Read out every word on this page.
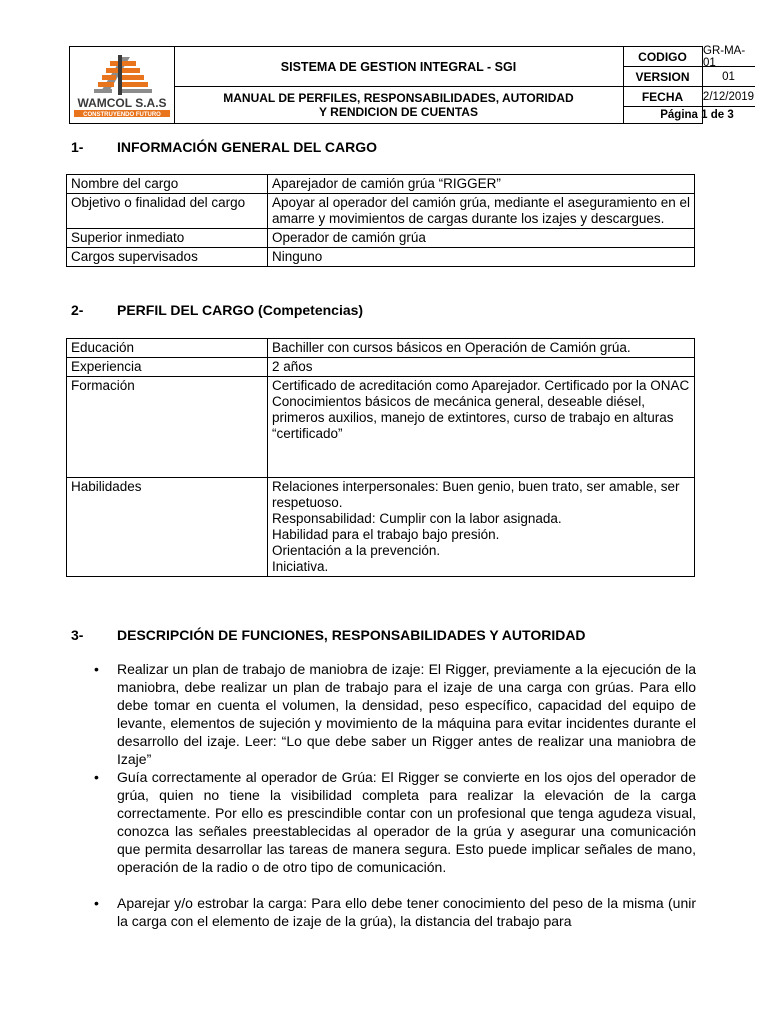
WAMCOL S.A.S
CONSTRUYENDO FUTURO
SISTEMA DE GESTION INTEGRAL - SGI
MANUAL DE PERFILES, RESPONSABILIDADES, AUTORIDAD
Y RENDICION DE CUENTAS
CODIGO	GR-MA-01
VERSION	01
FECHA	2/12/2019
Página 1 de 3
1- INFORMACIÓN GENERAL DEL CARGO
Nombre del cargo	Aparejador de camión grúa “RIGGER”
Objetivo o finalidad del cargo	Apoyar al operador del camión grúa, mediante el aseguramiento en el amarre y movimientos de cargas durante los izajes y descargues.
Superior inmediato	Operador de camión grúa
Cargos supervisados	Ninguno
2- PERFIL DEL CARGO (Competencias)
Educación	Bachiller con cursos básicos en Operación de Camión grúa.

Experiencia	2 años

Formación	Certificado de acreditación como Aparejador. Certificado por la ONAC
Conocimientos básicos de mecánica general, deseable diésel, primeros auxilios, manejo de extintores, curso de trabajo en alturas “certificado”

Habilidades	Relaciones interpersonales: Buen genio, buen trato, ser amable, ser respetuoso.
Responsabilidad: Cumplir con la labor asignada.
Habilidad para el trabajo bajo presión.
Orientación a la prevención.
Iniciativa.
3- DESCRIPCIÓN DE FUNCIONES, RESPONSABILIDADES Y AUTORIDAD
• Realizar un plan de trabajo de maniobra de izaje: El Rigger, previamente a la ejecución de la maniobra, debe realizar un plan de trabajo para el izaje de una carga con grúas. Para ello debe tomar en cuenta el volumen, la densidad, peso específico, capacidad del equipo de levante, elementos de sujeción y movimiento de la máquina para evitar incidentes durante el desarrollo del izaje. Leer: “Lo que debe saber un Rigger antes de realizar una maniobra de Izaje”
• Guía correctamente al operador de Grúa: El Rigger se convierte en los ojos del operador de grúa, quien no tiene la visibilidad completa para realizar la elevación de la carga correctamente. Por ello es prescindible contar con un profesional que tenga agudeza visual, conozca las señales preestablecidas al operador de la grúa y asegurar una comunicación que permita desarrollar las tareas de manera segura. Esto puede implicar señales de mano, operación de la radio o de otro tipo de comunicación.
• Aparejar y/o estrobar la carga: Para ello debe tener conocimiento del peso de la misma (unir la carga con el elemento de izaje de la grúa), la distancia del trabajo para
